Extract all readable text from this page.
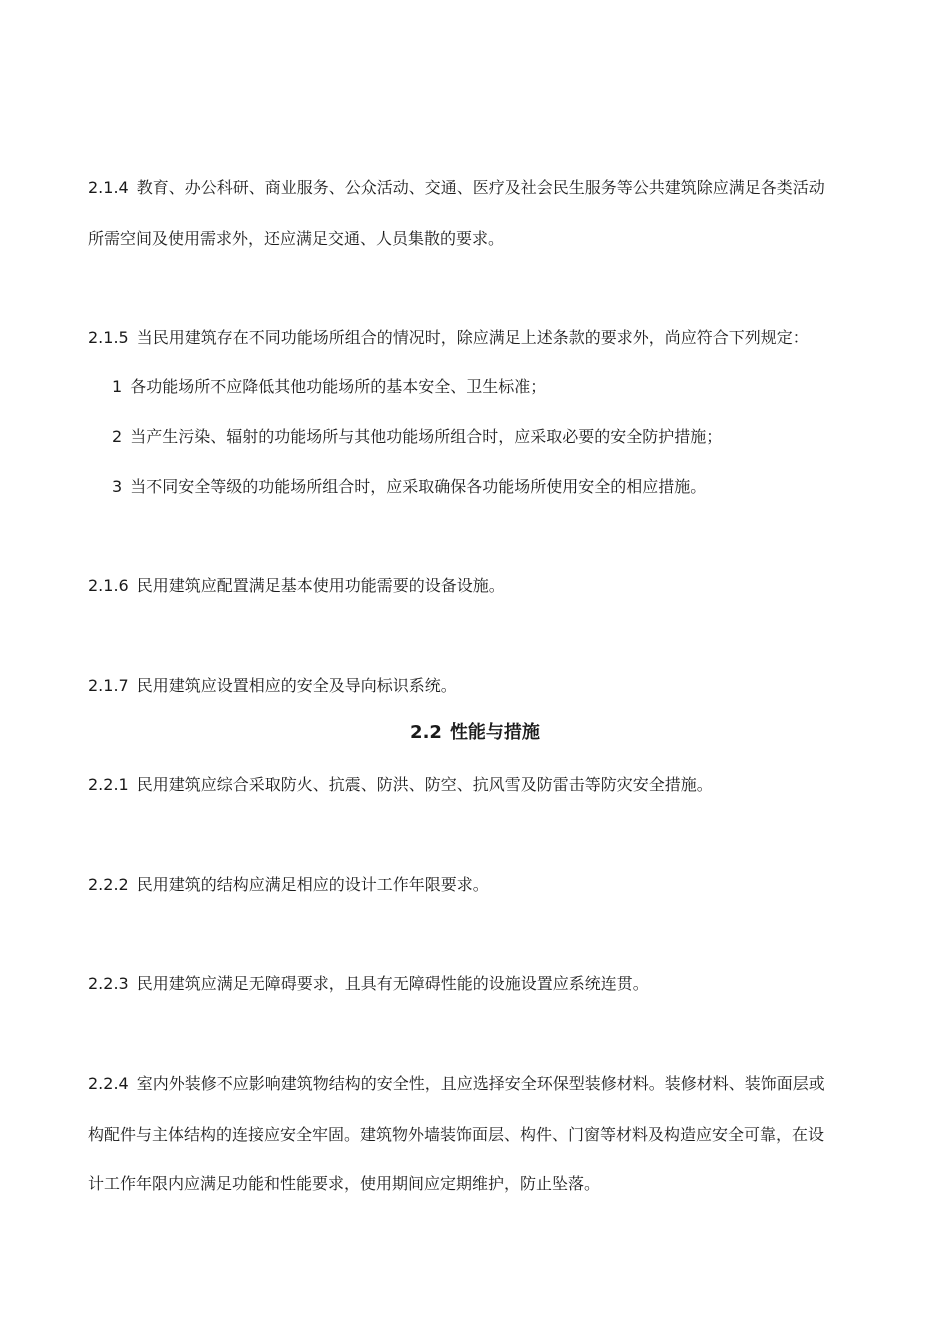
2.1.4 教育、办公科研、商业服务、公众活动、交通、医疗及社会民生服务等公共建筑除应满足各类活动
所需空间及使用需求外，还应满足交通、人员集散的要求。
2.1.5 当民用建筑存在不同功能场所组合的情况时，除应满足上述条款的要求外，尚应符合下列规定：
1 各功能场所不应降低其他功能场所的基本安全、卫生标准；
2 当产生污染、辐射的功能场所与其他功能场所组合时，应采取必要的安全防护措施；
3 当不同安全等级的功能场所组合时，应采取确保各功能场所使用安全的相应措施。
2.1.6 民用建筑应配置满足基本使用功能需要的设备设施。
2.1.7 民用建筑应设置相应的安全及导向标识系统。
2.2 性能与措施
2.2.1 民用建筑应综合采取防火、抗震、防洪、防空、抗风雪及防雷击等防灾安全措施。
2.2.2 民用建筑的结构应满足相应的设计工作年限要求。
2.2.3 民用建筑应满足无障碍要求，且具有无障碍性能的设施设置应系统连贯。
2.2.4 室内外装修不应影响建筑物结构的安全性，且应选择安全环保型装修材料。装修材料、装饰面层或
构配件与主体结构的连接应安全牢固。建筑物外墙装饰面层、构件、门窗等材料及构造应安全可靠，在设
计工作年限内应满足功能和性能要求，使用期间应定期维护，防止坠落。
